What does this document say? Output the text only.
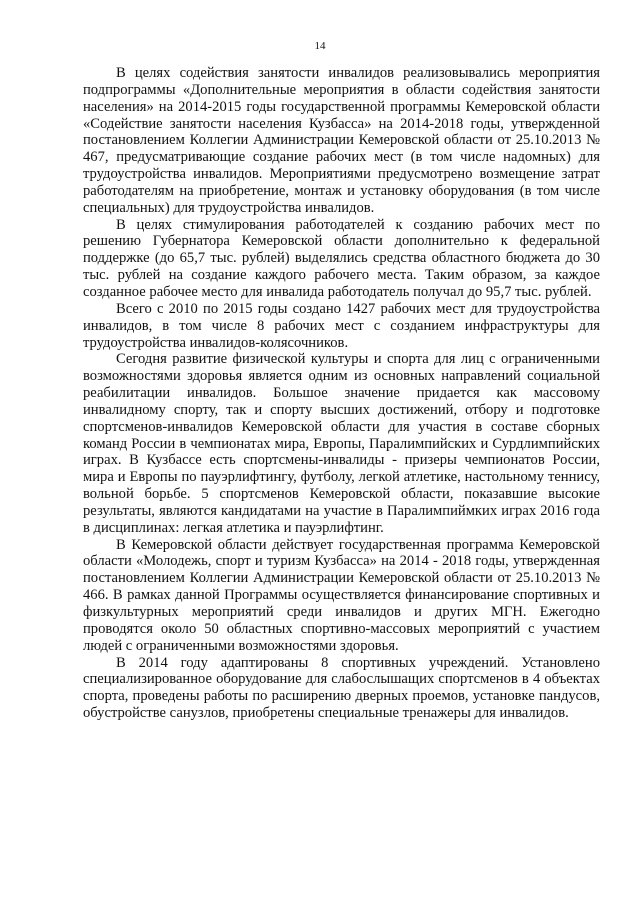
14

В целях содействия занятости инвалидов реализовывались мероприятия подпрограммы «Дополнительные мероприятия в области содействия занятости населения» на 2014-2015 годы государственной программы Кемеровской области «Содействие занятости населения Кузбасса» на 2014-2018 годы, утвержденной постановлением Коллегии Администрации Кемеровской области от 25.10.2013 № 467, предусматривающие создание рабочих мест (в том числе надомных) для трудоустройства инвалидов. Мероприятиями предусмотрено возмещение затрат работодателям на приобретение, монтаж и установку оборудования (в том числе специальных) для трудоустройства инвалидов.

В целях стимулирования работодателей к созданию рабочих мест по решению Губернатора Кемеровской области дополнительно к федеральной поддержке (до 65,7 тыс. рублей) выделялись средства областного бюджета до 30 тыс. рублей на создание каждого рабочего места. Таким образом, за каждое созданное рабочее место для инвалида работодатель получал до 95,7 тыс. рублей.

Всего с 2010 по 2015 годы создано 1427 рабочих мест для трудоустройства инвалидов, в том числе 8 рабочих мест с созданием инфраструктуры для трудоустройства инвалидов-колясочников.

Сегодня развитие физической культуры и спорта для лиц с ограниченными возможностями здоровья является одним из основных направлений социальной реабилитации инвалидов. Большое значение придается как массовому инвалидному спорту, так и спорту высших достижений, отбору и подготовке спортсменов-инвалидов Кемеровской области для участия в составе сборных команд России в чемпионатах мира, Европы, Паралимпийских и Сурдлимпийских играх. В Кузбассе есть спортсмены-инвалиды - призеры чемпионатов России, мира и Европы по пауэрлифтингу, футболу, легкой атлетике, настольному теннису, вольной борьбе. 5 спортсменов Кемеровской области, показавшие высокие результаты, являются кандидатами на участие в Паралимпиймких играх 2016 года в дисциплинах: легкая атлетика и пауэрлифтинг.

В Кемеровской области действует государственная программа Кемеровской области «Молодежь, спорт и туризм Кузбасса» на 2014 - 2018 годы, утвержденная постановлением Коллегии Администрации Кемеровской области от 25.10.2013 № 466. В рамках данной Программы осуществляется финансирование спортивных и физкультурных мероприятий среди инвалидов и других МГН. Ежегодно проводятся около 50 областных спортивно-массовых мероприятий с участием людей с ограниченными возможностями здоровья.

В 2014 году адаптированы 8 спортивных учреждений. Установлено специализированное оборудование для слабослышащих спортсменов в 4 объектах спорта, проведены работы по расширению дверных проемов, установке пандусов, обустройстве санузлов, приобретены специальные тренажеры для инвалидов.
